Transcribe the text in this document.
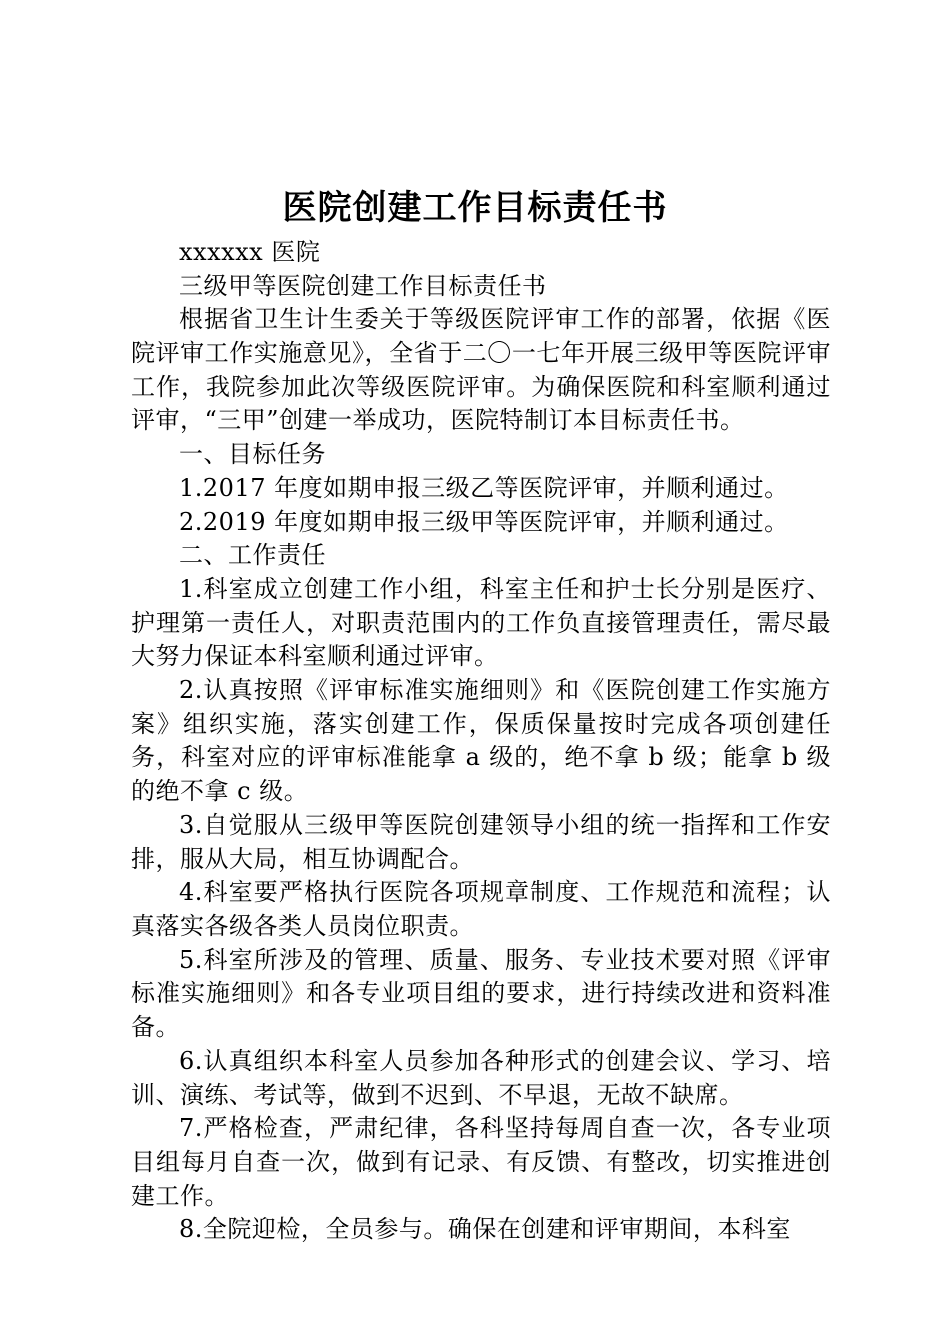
医院创建工作目标责任书
xxxxxx 医院
三级甲等医院创建工作目标责任书
根据省卫生计生委关于等级医院评审工作的部署，依据《医院评审工作实施意见》，全省于二〇一七年开展三级甲等医院评审工作，我院参加此次等级医院评审。为确保医院和科室顺利通过评审，“三甲”创建一举成功，医院特制订本目标责任书。
一、目标任务
1.2017 年度如期申报三级乙等医院评审，并顺利通过。
2.2019 年度如期申报三级甲等医院评审，并顺利通过。
二、工作责任
1.科室成立创建工作小组，科室主任和护士长分别是医疗、护理第一责任人，对职责范围内的工作负直接管理责任，需尽最大努力保证本科室顺利通过评审。
2.认真按照《评审标准实施细则》和《医院创建工作实施方案》组织实施，落实创建工作，保质保量按时完成各项创建任务，科室对应的评审标准能拿 a 级的，绝不拿 b 级；能拿 b 级的绝不拿 c 级。
3.自觉服从三级甲等医院创建领导小组的统一指挥和工作安排，服从大局，相互协调配合。
4.科室要严格执行医院各项规章制度、工作规范和流程；认真落实各级各类人员岗位职责。
5.科室所涉及的管理、质量、服务、专业技术要对照《评审标准实施细则》和各专业项目组的要求，进行持续改进和资料准备。
6.认真组织本科室人员参加各种形式的创建会议、学习、培训、演练、考试等，做到不迟到、不早退，无故不缺席。
7.严格检查，严肃纪律，各科坚持每周自查一次，各专业项目组每月自查一次，做到有记录、有反馈、有整改，切实推进创建工作。
8.全院迎检，全员参与。确保在创建和评审期间，本科室
